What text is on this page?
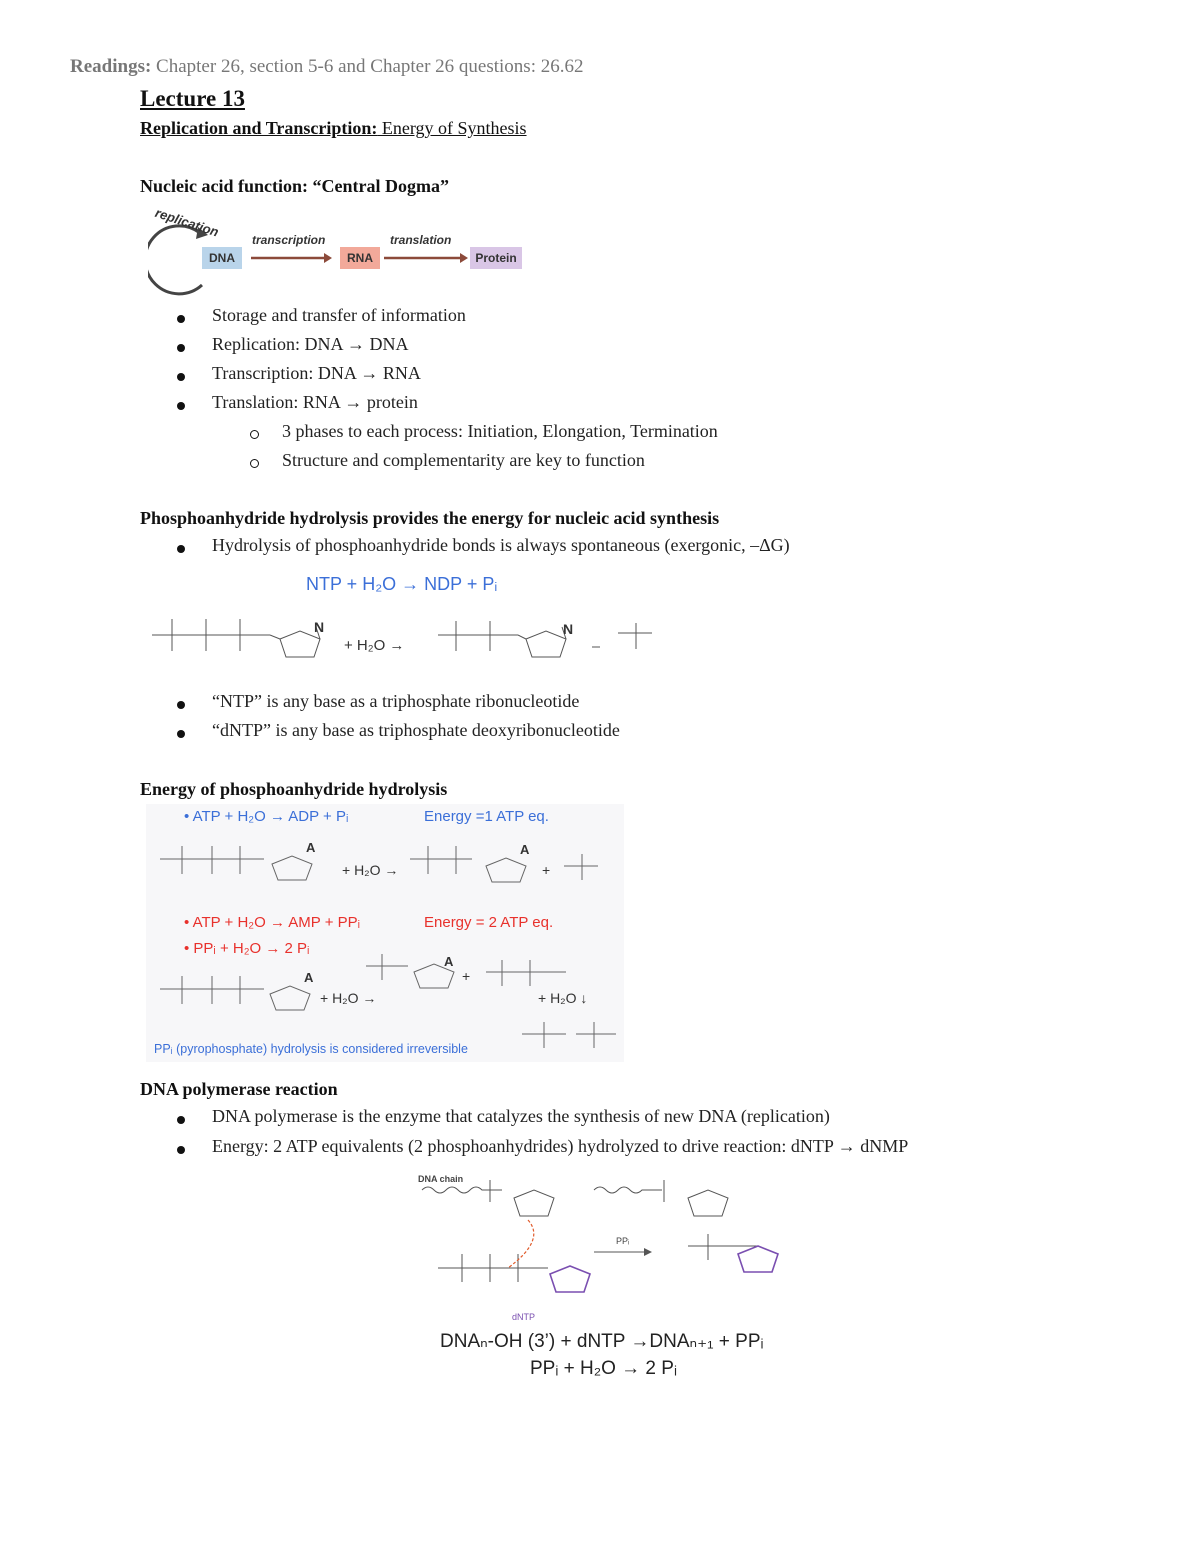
Readings: Chapter 26, section 5-6 and Chapter 26 questions: 26.62
Lecture 13
Replication and Transcription: Energy of Synthesis
Nucleic acid function: “Central Dogma”
replication
transcription	translation
DNA	RNA	Protein
Storage and transfer of information
Replication: DNA → DNA
Transcription: DNA → RNA
Translation: RNA → protein
3 phases to each process: Initiation, Elongation, Termination
Structure and complementarity are key to function
Phosphoanhydride hydrolysis provides the energy for nucleic acid synthesis
Hydrolysis of phosphoanhydride bonds is always spontaneous (exergonic, –ΔG)
NTP + H₂O → NDP + Pᵢ
N
+ H₂O →
N
“NTP” is any base as a triphosphate ribonucleotide
“dNTP” is any base as triphosphate deoxyribonucleotide
Energy of phosphoanhydride hydrolysis
• ATP + H₂O → ADP + Pᵢ	Energy =1 ATP eq.
A
+ H₂O →
A
+
• ATP + H₂O → AMP + PPᵢ	Energy = 2 ATP eq.
• PPᵢ + H₂O → 2 Pᵢ
A
+ H₂O →
A
+
+ H₂O ↓
PPᵢ (pyrophosphate) hydrolysis is considered irreversible
DNA polymerase reaction
DNA polymerase is the enzyme that catalyzes the synthesis of new DNA (replication)
Energy: 2 ATP equivalents (2 phosphoanhydrides) hydrolyzed to drive reaction: dNTP → dNMP
DNA chain
dNTP
PPᵢ
DNAₙ-OH (3’) + dNTP →DNAₙ₊₁ + PPᵢ
PPᵢ + H₂O → 2 Pᵢ
